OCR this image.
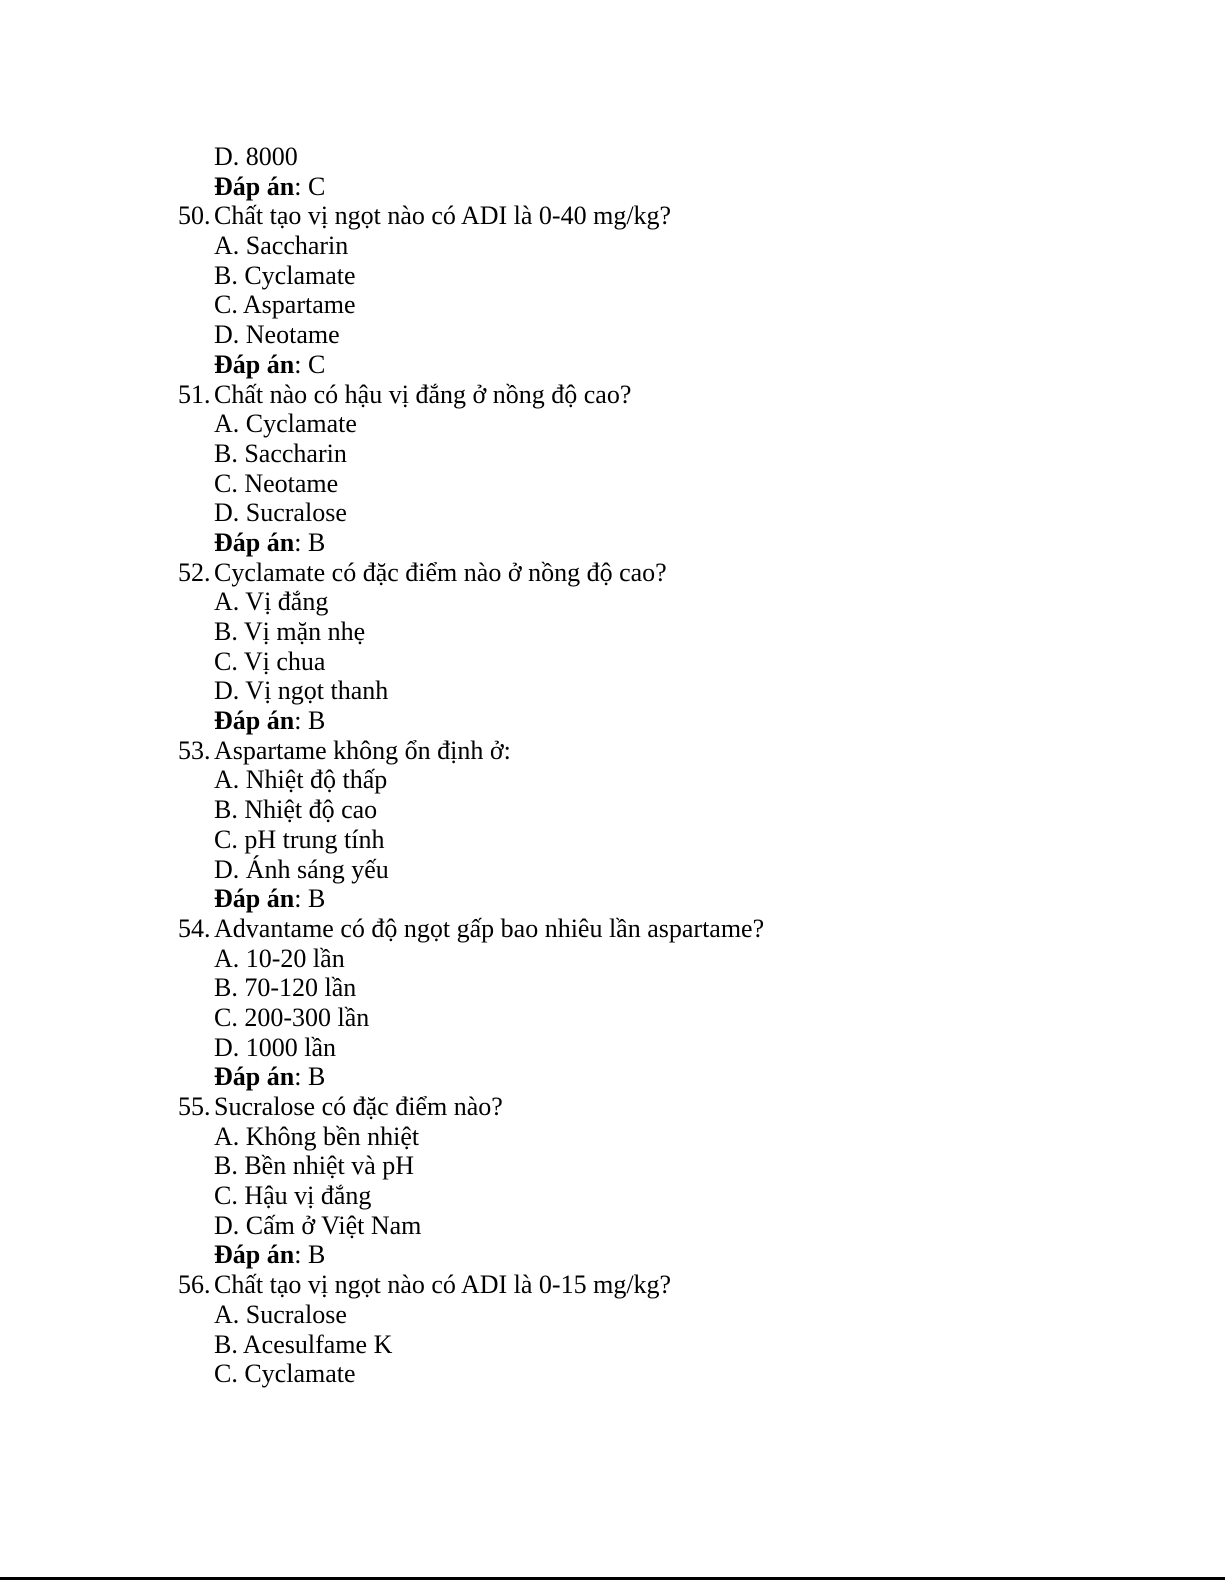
D. 8000
Đáp án: C
50. Chất tạo vị ngọt nào có ADI là 0-40 mg/kg?
A. Saccharin
B. Cyclamate
C. Aspartame
D. Neotame
Đáp án: C
51. Chất nào có hậu vị đắng ở nồng độ cao?
A. Cyclamate
B. Saccharin
C. Neotame
D. Sucralose
Đáp án: B
52. Cyclamate có đặc điểm nào ở nồng độ cao?
A. Vị đắng
B. Vị mặn nhẹ
C. Vị chua
D. Vị ngọt thanh
Đáp án: B
53. Aspartame không ổn định ở:
A. Nhiệt độ thấp
B. Nhiệt độ cao
C. pH trung tính
D. Ánh sáng yếu
Đáp án: B
54. Advantame có độ ngọt gấp bao nhiêu lần aspartame?
A. 10-20 lần
B. 70-120 lần
C. 200-300 lần
D. 1000 lần
Đáp án: B
55. Sucralose có đặc điểm nào?
A. Không bền nhiệt
B. Bền nhiệt và pH
C. Hậu vị đắng
D. Cấm ở Việt Nam
Đáp án: B
56. Chất tạo vị ngọt nào có ADI là 0-15 mg/kg?
A. Sucralose
B. Acesulfame K
C. Cyclamate
